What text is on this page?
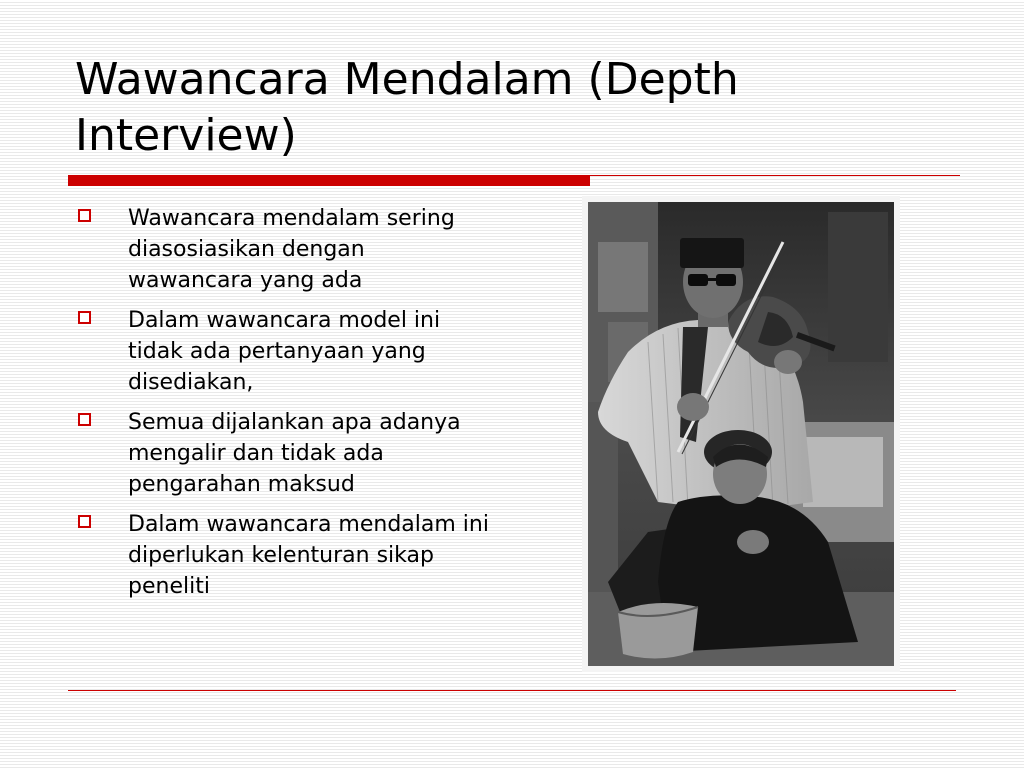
Wawancara Mendalam (Depth Interview)
Wawancara mendalam sering diasosiasikan dengan wawancara yang ada
Dalam wawancara model ini tidak ada pertanyaan yang disediakan,
Semua dijalankan apa adanya mengalir dan tidak ada pengarahan maksud
Dalam wawancara mendalam ini diperlukan kelenturan sikap peneliti
